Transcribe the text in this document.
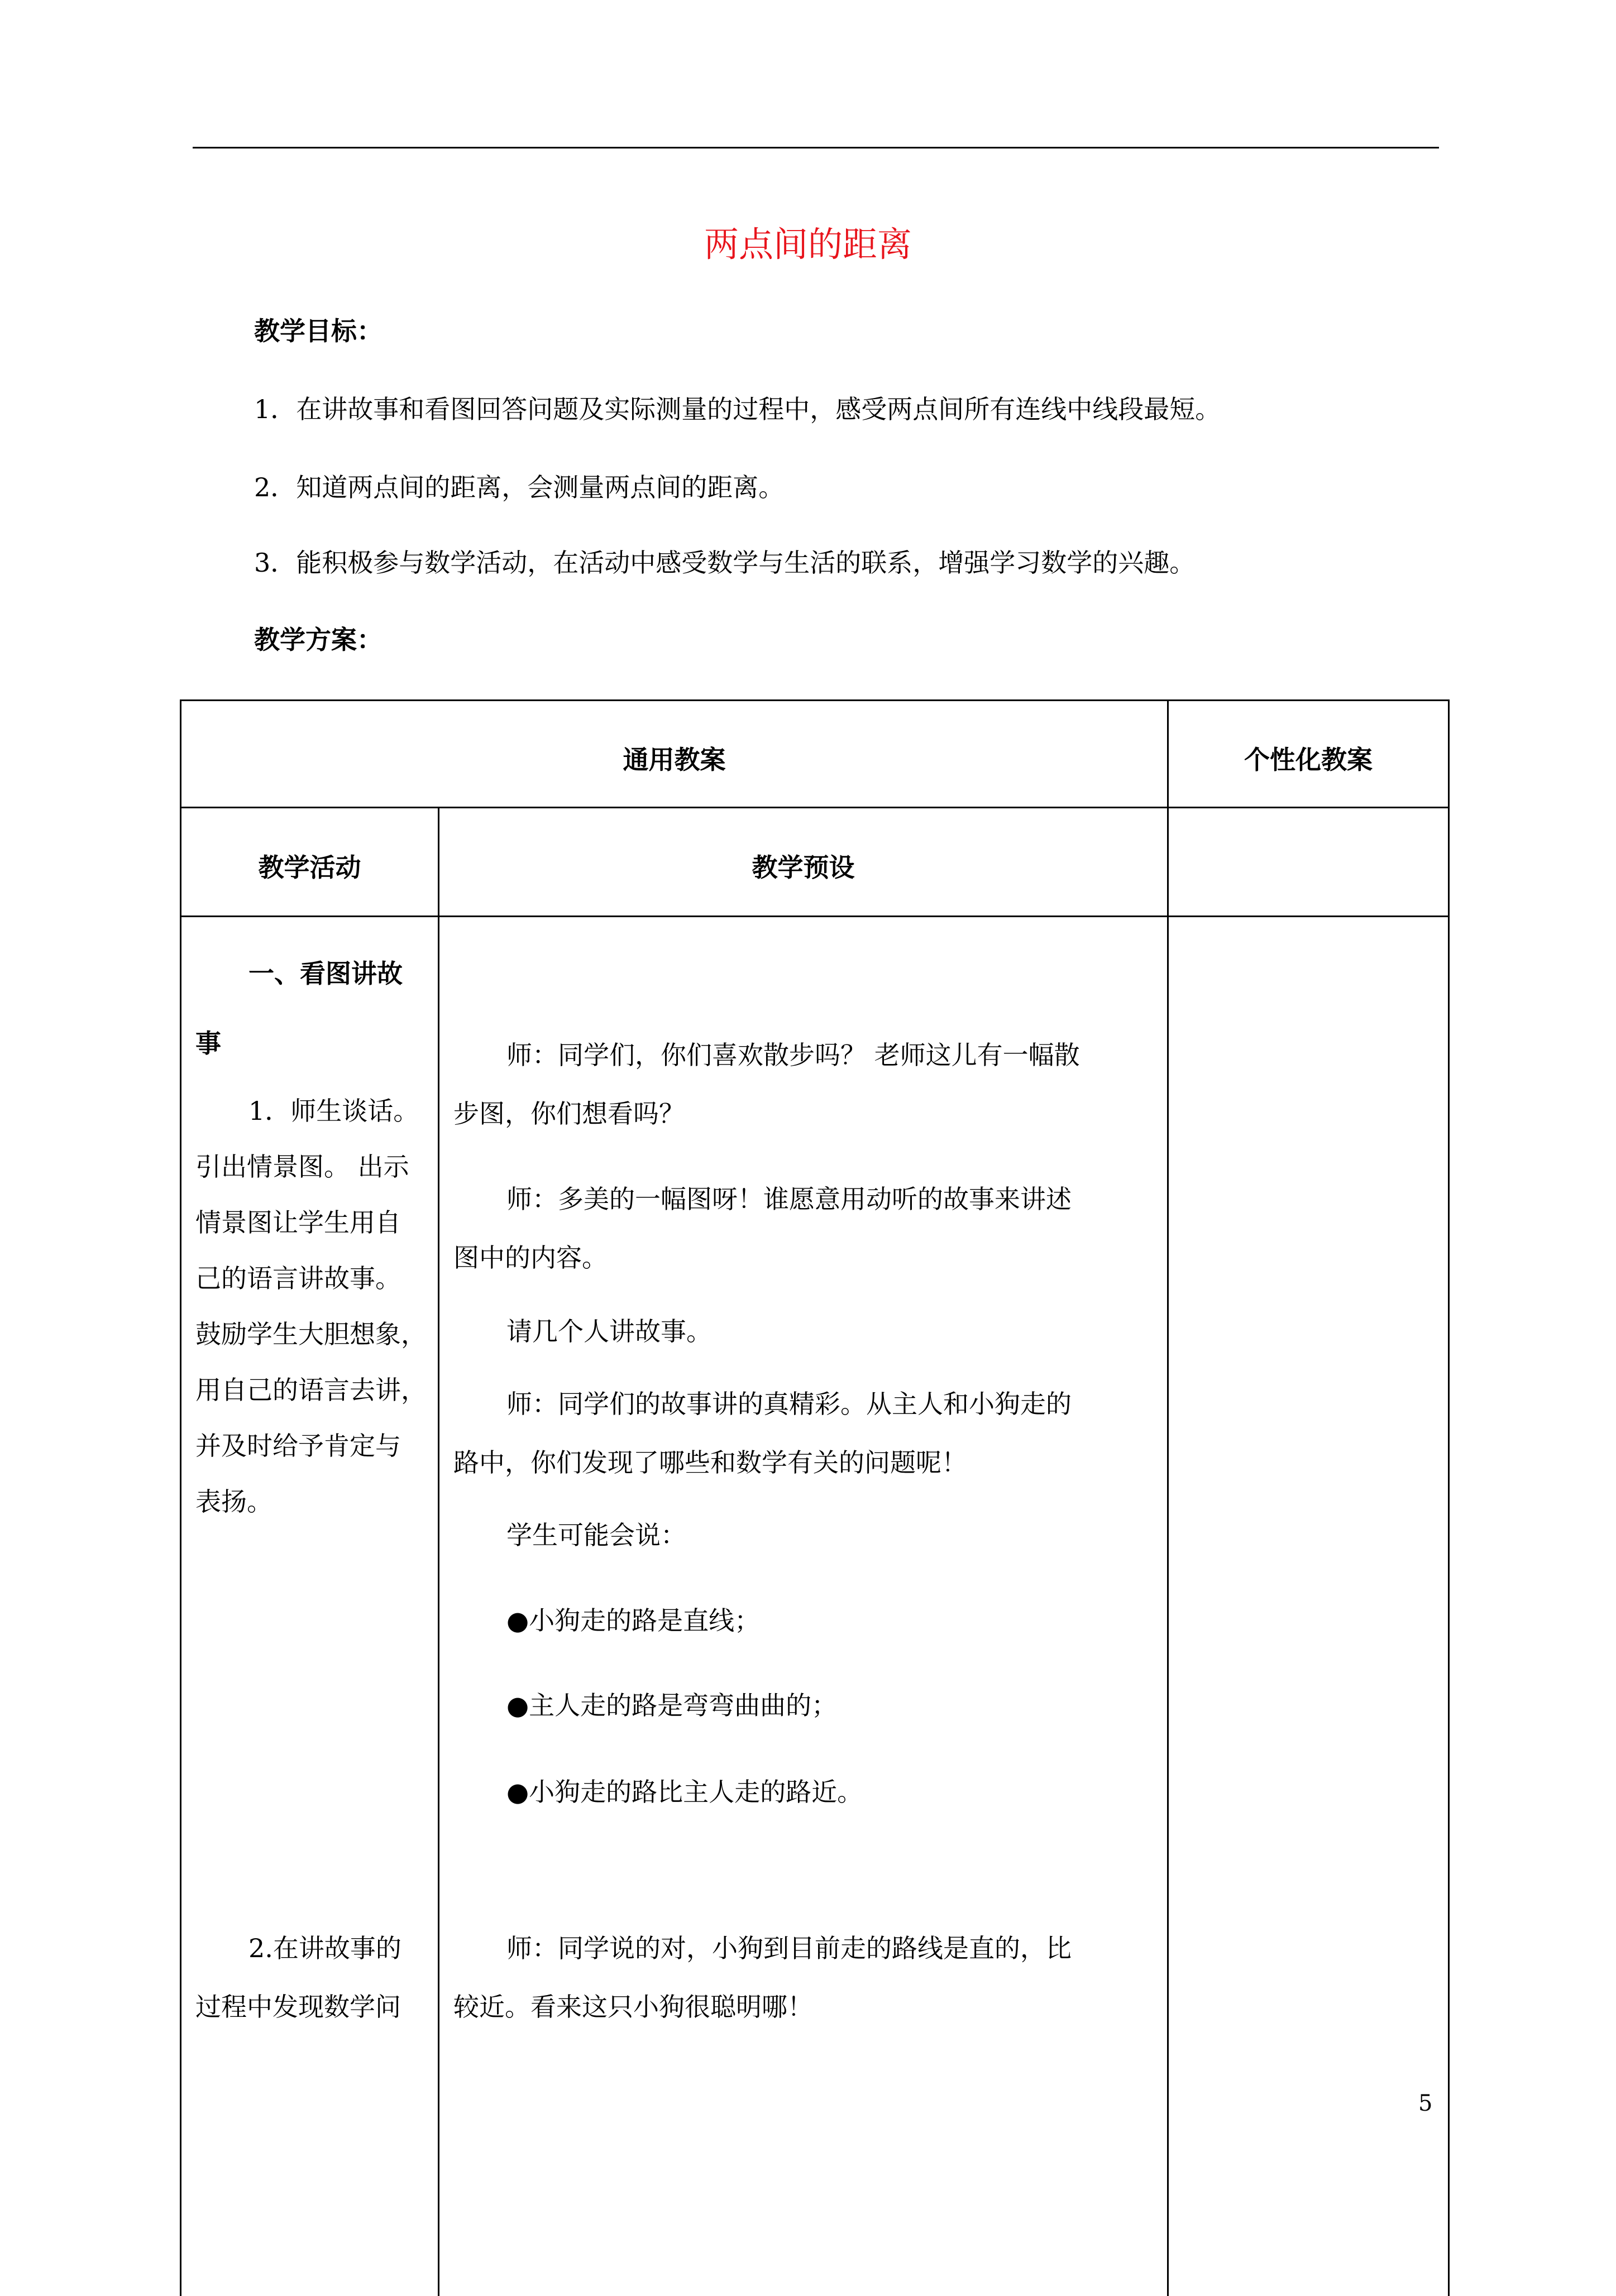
两点间的距离
教学目标：
1．在讲故事和看图回答问题及实际测量的过程中，感受两点间所有连线中线段最短。
2．知道两点间的距离，会测量两点间的距离。
3．能积极参与数学活动，在活动中感受数学与生活的联系，增强学习数学的兴趣。
教学方案：
通用教案	个性化教案
教学活动	教学预设

一、看图讲故

事

1．师生谈话。

引出情景图。 出示

情景图让学生用自

己的语言讲故事。

鼓励学生大胆想象，

用自己的语言去讲，

并及时给予肯定与

表扬。

2.在讲故事的

过程中发现数学问

师：同学们，你们喜欢散步吗？ 老师这儿有一幅散

步图，你们想看吗？

师：多美的一幅图呀！谁愿意用动听的故事来讲述

图中的内容。

请几个人讲故事。

师：同学们的故事讲的真精彩。从主人和小狗走的

路中，你们发现了哪些和数学有关的问题呢！

学生可能会说：

●小狗走的路是直线；

●主人走的路是弯弯曲曲的；

●小狗走的路比主人走的路近。

师：同学说的对，小狗到目前走的路线是直的，比

较近。看来这只小狗很聪明哪！

5
